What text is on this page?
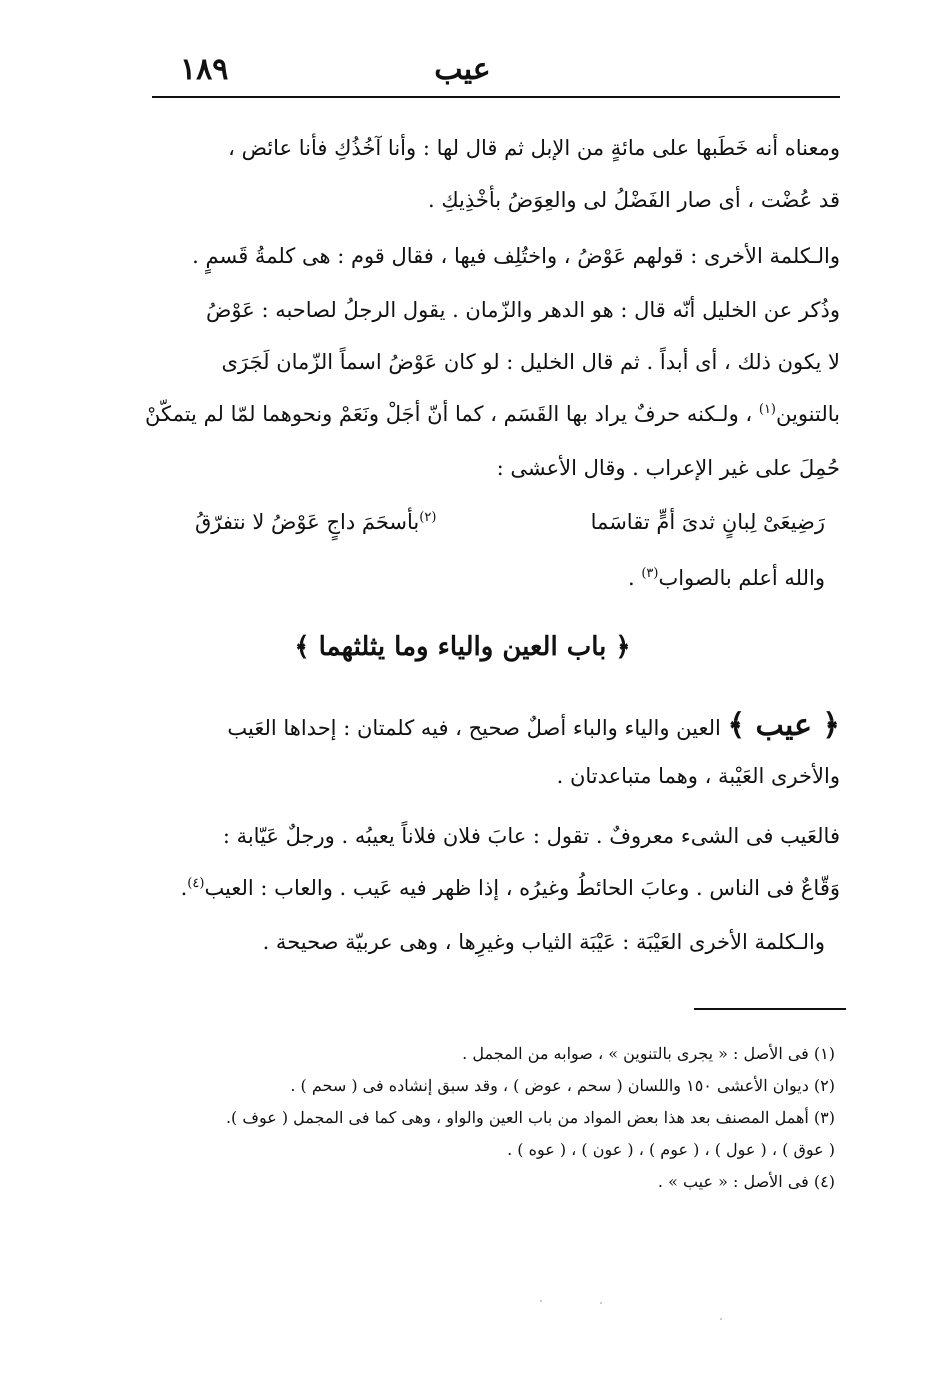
١٨٩	عيب
ومعناه أنه خَطَبها على مائةٍ من الإبل ثم قال لها : وأنا آخُذُكِ فأنا عائض ،
قد عُضْت ، أى صار الفَضْلُ لى والعِوَضُ بأخْذِيكِ .
والـكلمة الأخرى : قولهم عَوْضُ ، واختُلِف فيها ، فقال قوم : هى كلمةُ قَسمٍ .
وذُكر عن الخليل أنّه قال : هو الدهر والزّمان . يقول الرجلُ لصاحبه : عَوْضُ
لا يكون ذلك ، أى أبداً . ثم قال الخليل : لو كان عَوْضُ اسماً الزّمان لَجَرَى
بالتنوين$^{(١)}$ ، ولـكنه حرفٌ يراد بها القَسَم ، كما أنّ أجَلْ ونَعَمْ ونحوهما لمّا لم يتمكّنْ
حُمِلَ على غير الإعراب . وقال الأعشى :
رَضِيعَىْ لِبانٍ ثدىَ أمٍّ تقاسَما
$^{(٢)}$بأسحَمَ داجٍ عَوْضُ لا نتفرّقُ
والله أعلم بالصواب$^{(٣)}$ .
﴿ باب العين والياء وما يثلثهما ﴾
﴿ عيب ﴾ العين والياء والباء أصلٌ صحيح ، فيه كلمتان : إحداها العَيب
والأخرى العَيْبة ، وهما متباعدتان .
فالعَيب فى الشىء معروفٌ . تقول : عابَ فلان فلاناً يعيبُه . ورجلٌ عَيّابة :
وَقّاعٌ فى الناس . وعابَ الحائطُ وغيرُه ، إذا ظهر فيه عَيب . والعاب : العيب$^{(٤)}$.
والـكلمة الأخرى العَيْبَة : عَيْبَة الثياب وغيرِها ، وهى عربيّة صحيحة .
(١) فى الأصل : « يجرى بالتنوين » ، صوابه من المجمل .
(٢) ديوان الأعشى ١٥٠ واللسان ( سحم ، عوض ) ، وقد سبق إنشاده فى ( سحم ) .
(٣) أهمل المصنف بعد هذا بعض المواد من باب العين والواو ، وهى كما فى المجمل ( عوف ).
( عوق ) ، ( عول ) ، ( عوم ) ، ( عون ) ، ( عوه ) .
(٤) فى الأصل : « عيب » .
